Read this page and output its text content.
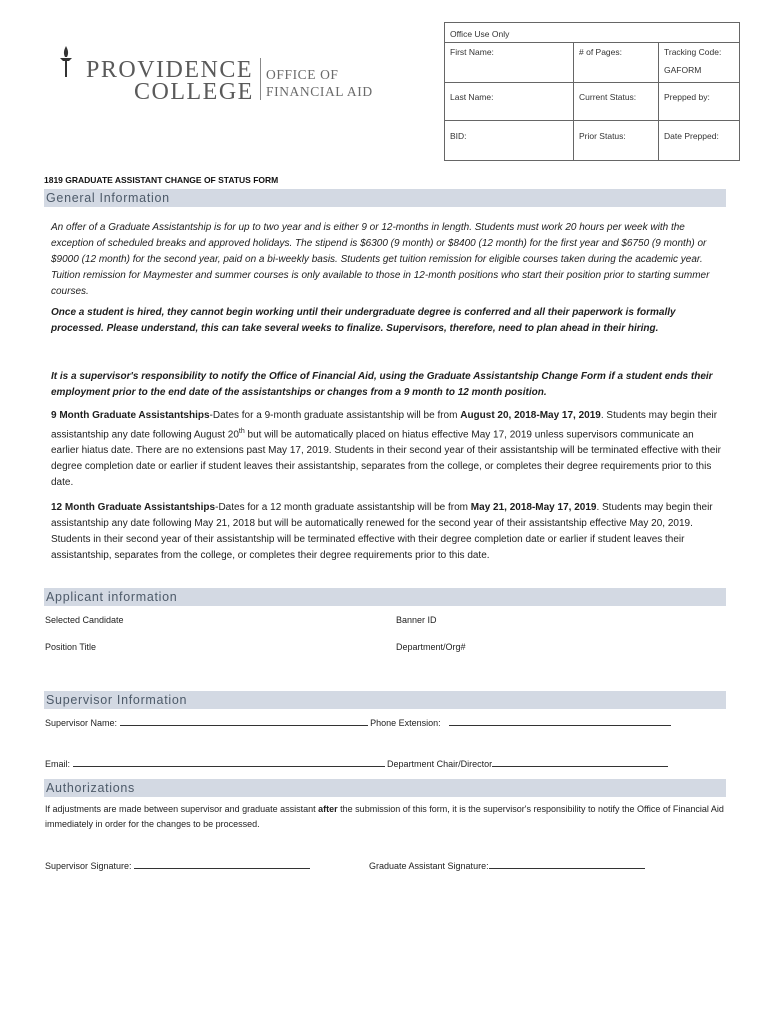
PROVIDENCE
COLLEGE
OFFICE OF
FINANCIAL AID
Office Use Only		
First Name:	# of Pages:	Tracking Code:
GAFORM

Last Name:	Current Status:	Prepped by:
BID:	Prior Status:	Date Prepped:
1819 GRADUATE ASSISTANT CHANGE OF STATUS FORM
General Information

An offer of a Graduate Assistantship is for up to two year and is either 9 or 12-months in length. Students must work 20 hours per week with the exception of scheduled breaks and approved holidays. The stipend is $6300 (9 month) or $8400 (12 month) for the first year and $6750 (9 month) or $9000 (12 month) for the second year, paid on a bi-weekly basis. Students get tuition remission for eligible courses taken during the academic year. Tuition remission for Maymester and summer courses is only available to those in 12-month positions who start their position prior to starting summer courses.

Once a student is hired, they cannot begin working until their undergraduate degree is conferred and all their paperwork is formally processed. Please understand, this can take several weeks to finalize. Supervisors, therefore, need to plan ahead in their hiring.

It is a supervisor's responsibility to notify the Office of Financial Aid, using the Graduate Assistantship Change Form if a student ends their employment prior to the end date of the assistantships or changes from a 9 month to 12 month position.

9 Month Graduate Assistantships-Dates for a 9-month graduate assistantship will be from August 20, 2018-May 17, 2019. Students may begin their assistantship any date following August 20th but will be automatically placed on hiatus effective May 17, 2019 unless supervisors communicate an earlier hiatus date. There are no extensions past May 17, 2019. Students in their second year of their assistantship will be terminated effective with their degree completion date or earlier if student leaves their assistantship, separates from the college, or completes their degree requirements prior to this date.

12 Month Graduate Assistantships-Dates for a 12 month graduate assistantship will be from May 21, 2018-May 17, 2019. Students may begin their assistantship any date following May 21, 2018 but will be automatically renewed for the second year of their assistantship effective May 20, 2019. Students in their second year of their assistantship will be terminated effective with their degree completion date or earlier if student leaves their assistantship, separates from the college, or completes their degree requirements prior to this date.

Applicant information
Selected Candidate	Banner ID
Position Title	Department/Org#
Supervisor Information
Supervisor Name:	Phone Extension:
Email:	Department Chair/Director
Authorizations

If adjustments are made between supervisor and graduate assistant after the submission of this form, it is the supervisor's responsibility to notify the Office of Financial Aid immediately in order for the changes to be processed.

Supervisor Signature:	Graduate Assistant Signature:
